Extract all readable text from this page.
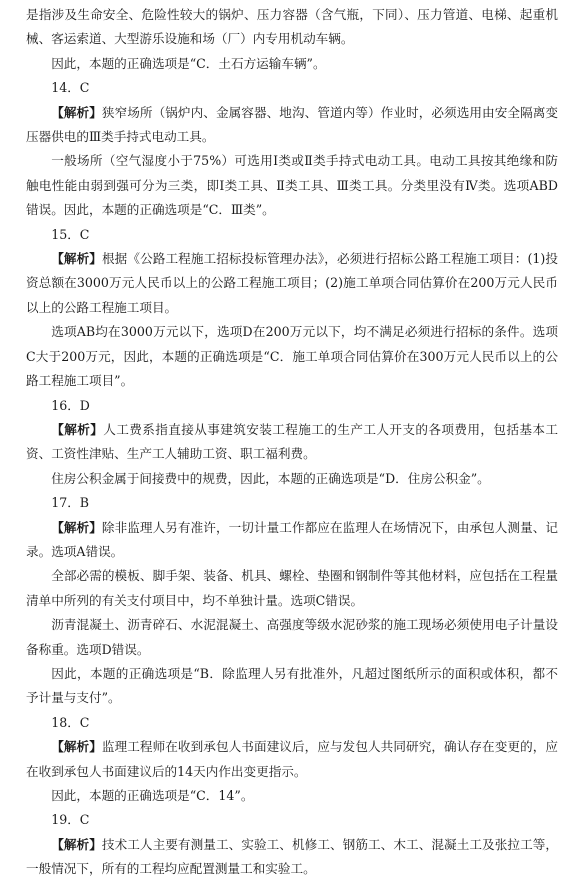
是指涉及生命安全、危险性较大的锅炉、压力容器（含气瓶，下同）、压力管道、电梯、起重机械、客运索道、大型游乐设施和场（厂）内专用机动车辆。

因此，本题的正确选项是“C．土石方运输车辆”。

14．C

【解析】狭窄场所（锅炉内、金属容器、地沟、管道内等）作业时，必须选用由安全隔离变压器供电的Ⅲ类手持式电动工具。

一般场所（空气湿度小于75%）可选用Ⅰ类或Ⅱ类手持式电动工具。电动工具按其绝缘和防触电性能由弱到强可分为三类，即Ⅰ类工具、Ⅱ类工具、Ⅲ类工具。分类里没有Ⅳ类。选项ABD错误。因此，本题的正确选项是“C．Ⅲ类”。

15．C

【解析】根据《公路工程施工招标投标管理办法》，必须进行招标公路工程施工项目：(1)投资总额在3000万元人民币以上的公路工程施工项目；(2)施工单项合同估算价在200万元人民币以上的公路工程施工项目。

选项AB均在3000万元以下，选项D在200万元以下，均不满足必须进行招标的条件。选项C大于200万元，因此，本题的正确选项是“C．施工单项合同估算价在300万元人民币以上的公路工程施工项目”。

16．D

【解析】人工费系指直接从事建筑安装工程施工的生产工人开支的各项费用，包括基本工资、工资性津贴、生产工人辅助工资、职工福利费。

住房公积金属于间接费中的规费，因此，本题的正确选项是“D．住房公积金”。

17．B

【解析】除非监理人另有准许，一切计量工作都应在监理人在场情况下，由承包人测量、记录。选项A错误。

全部必需的模板、脚手架、装备、机具、螺栓、垫圈和钢制件等其他材料，应包括在工程量清单中所列的有关支付项目中，均不单独计量。选项C错误。

沥青混凝土、沥青碎石、水泥混凝土、高强度等级水泥砂浆的施工现场必须使用电子计量设备称重。选项D错误。

因此，本题的正确选项是“B．除监理人另有批准外，凡超过图纸所示的面积或体积，都不予计量与支付”。

18．C

【解析】监理工程师在收到承包人书面建议后，应与发包人共同研究，确认存在变更的，应在收到承包人书面建议后的14天内作出变更指示。

因此，本题的正确选项是“C．14”。

19．C

【解析】技术工人主要有测量工、实验工、机修工、钢筋工、木工、混凝土工及张拉工等，一般情况下，所有的工程均应配置测量工和实验工。
